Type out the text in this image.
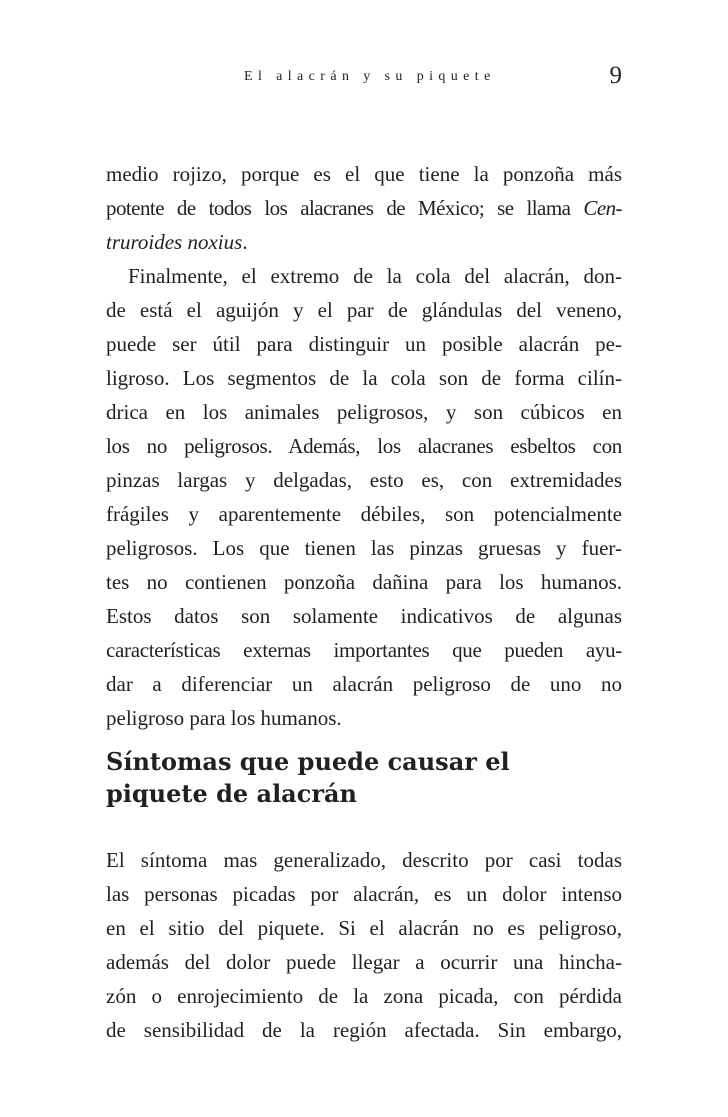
El alacrán y su piquete	9
medio rojizo, porque es el que tiene la ponzoña más
potente de todos los alacranes de México; se llama Cen-
truroides noxius.
Finalmente, el extremo de la cola del alacrán, don-
de está el aguijón y el par de glándulas del veneno,
puede ser útil para distinguir un posible alacrán pe-
ligroso. Los segmentos de la cola son de forma cilín-
drica en los animales peligrosos, y son cúbicos en
los no peligrosos. Además, los alacranes esbeltos con
pinzas largas y delgadas, esto es, con extremidades
frágiles y aparentemente débiles, son potencialmente
peligrosos. Los que tienen las pinzas gruesas y fuer-
tes no contienen ponzoña dañina para los humanos.
Estos datos son solamente indicativos de algunas
características externas importantes que pueden ayu-
dar a diferenciar un alacrán peligroso de uno no
peligroso para los humanos.
Síntomas que puede causar el
piquete de alacrán
El síntoma mas generalizado, descrito por casi todas
las personas picadas por alacrán, es un dolor intenso
en el sitio del piquete. Si el alacrán no es peligroso,
además del dolor puede llegar a ocurrir una hincha-
zón o enrojecimiento de la zona picada, con pérdida
de sensibilidad de la región afectada. Sin embargo,
